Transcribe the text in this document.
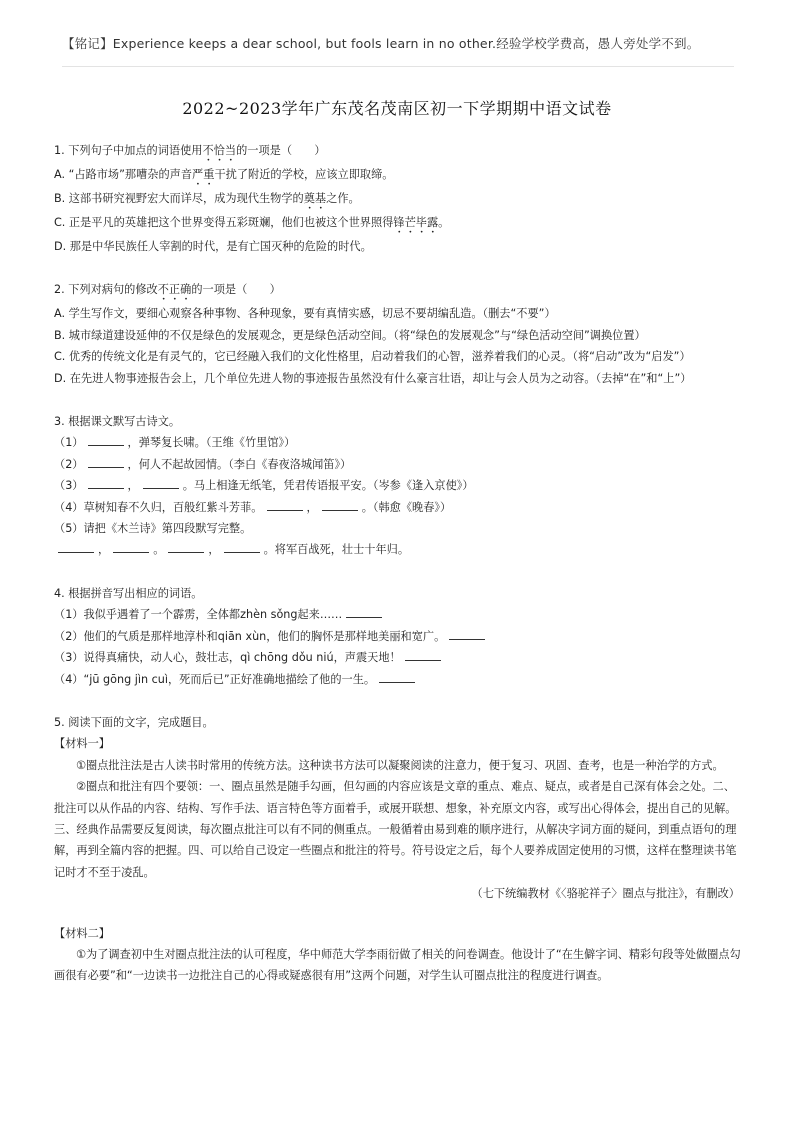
【铭记】Experience keeps a dear school, but fools learn in no other.经验学校学费高，愚人旁处学不到。
2022~2023学年广东茂名茂南区初一下学期期中语文试卷
1. 下列句子中加点的词语使用不恰当的一项是（　　）
A. “占路市场”那嘈杂的声音严重干扰了附近的学校，应该立即取缔。
B. 这部书研究视野宏大而详尽，成为现代生物学的奠基之作。
C. 正是平凡的英雄把这个世界变得五彩斑斓，他们也被这个世界照得锋芒毕露。
D. 那是中华民族任人宰割的时代，是有亡国灭种的危险的时代。
2. 下列对病句的修改不正确的一项是（　　）
A. 学生写作文，要细心观察各种事物、各种现象，要有真情实感，切忌不要胡编乱造。（删去“不要”）
B. 城市绿道建设延伸的不仅是绿色的发展观念，更是绿色活动空间。（将“绿色的发展观念”与“绿色活动空间”调换位置）
C. 优秀的传统文化是有灵气的，它已经融入我们的文化性格里，启动着我们的心智，滋养着我们的心灵。（将“启动”改为“启发”）
D. 在先进人物事迹报告会上，几个单位先进人物的事迹报告虽然没有什么豪言壮语，却让与会人员为之动容。（去掉“在”和“上”）
3. 根据课文默写古诗文。
（1）	，弹琴复长啸。（王维《竹里馆》）
（2）	，何人不起故园情。（李白《春夜洛城闻笛》）
（3）	，	。马上相逢无纸笔，凭君传语报平安。（岑参《逢入京使》）
（4）草树知春不久归，百般红紫斗芳菲。	，	。（韩愈《晚春》）
（5）请把《木兰诗》第四段默写完整。
，	。	，	。将军百战死，壮士十年归。
4. 根据拼音写出相应的词语。
（1）我似乎遇着了一个霹雳，全体都zhèn sǒng起来……
（2）他们的气质是那样地淳朴和qiān xùn，他们的胸怀是那样地美丽和宽广。
（3）说得真痛快，动人心，鼓壮志，qì chōng dǒu niú，声震天地！
（4）“jū gōng jìn cuì，死而后已”正好准确地描绘了他的一生。
5. 阅读下面的文字，完成题目。
【材料一】
①圈点批注法是古人读书时常用的传统方法。这种读书方法可以凝聚阅读的注意力，便于复习、巩固、查考，也是一种治学的方式。
②圈点和批注有四个要领：一、圈点虽然是随手勾画，但勾画的内容应该是文章的重点、难点、疑点，或者是自己深有体会之处。二、批注可以从作品的内容、结构、写作手法、语言特色等方面着手，或展开联想、想象，补充原文内容，或写出心得体会，提出自己的见解。三、经典作品需要反复阅读，每次圈点批注可以有不同的侧重点。一般循着由易到难的顺序进行，从解决字词方面的疑问，到重点语句的理解，再到全篇内容的把握。四、可以给自己设定一些圈点和批注的符号。符号设定之后，每个人要养成固定使用的习惯，这样在整理读书笔记时才不至于凌乱。
（七下统编教材《〈骆驼祥子〉圈点与批注》，有删改）
【材料二】
①为了调查初中生对圈点批注法的认可程度，华中师范大学李雨衍做了相关的问卷调查。他设计了“在生僻字词、精彩句段等处做圈点勾画很有必要”和“一边读书一边批注自己的心得或疑惑很有用”这两个问题，对学生认可圈点批注的程度进行调查。
